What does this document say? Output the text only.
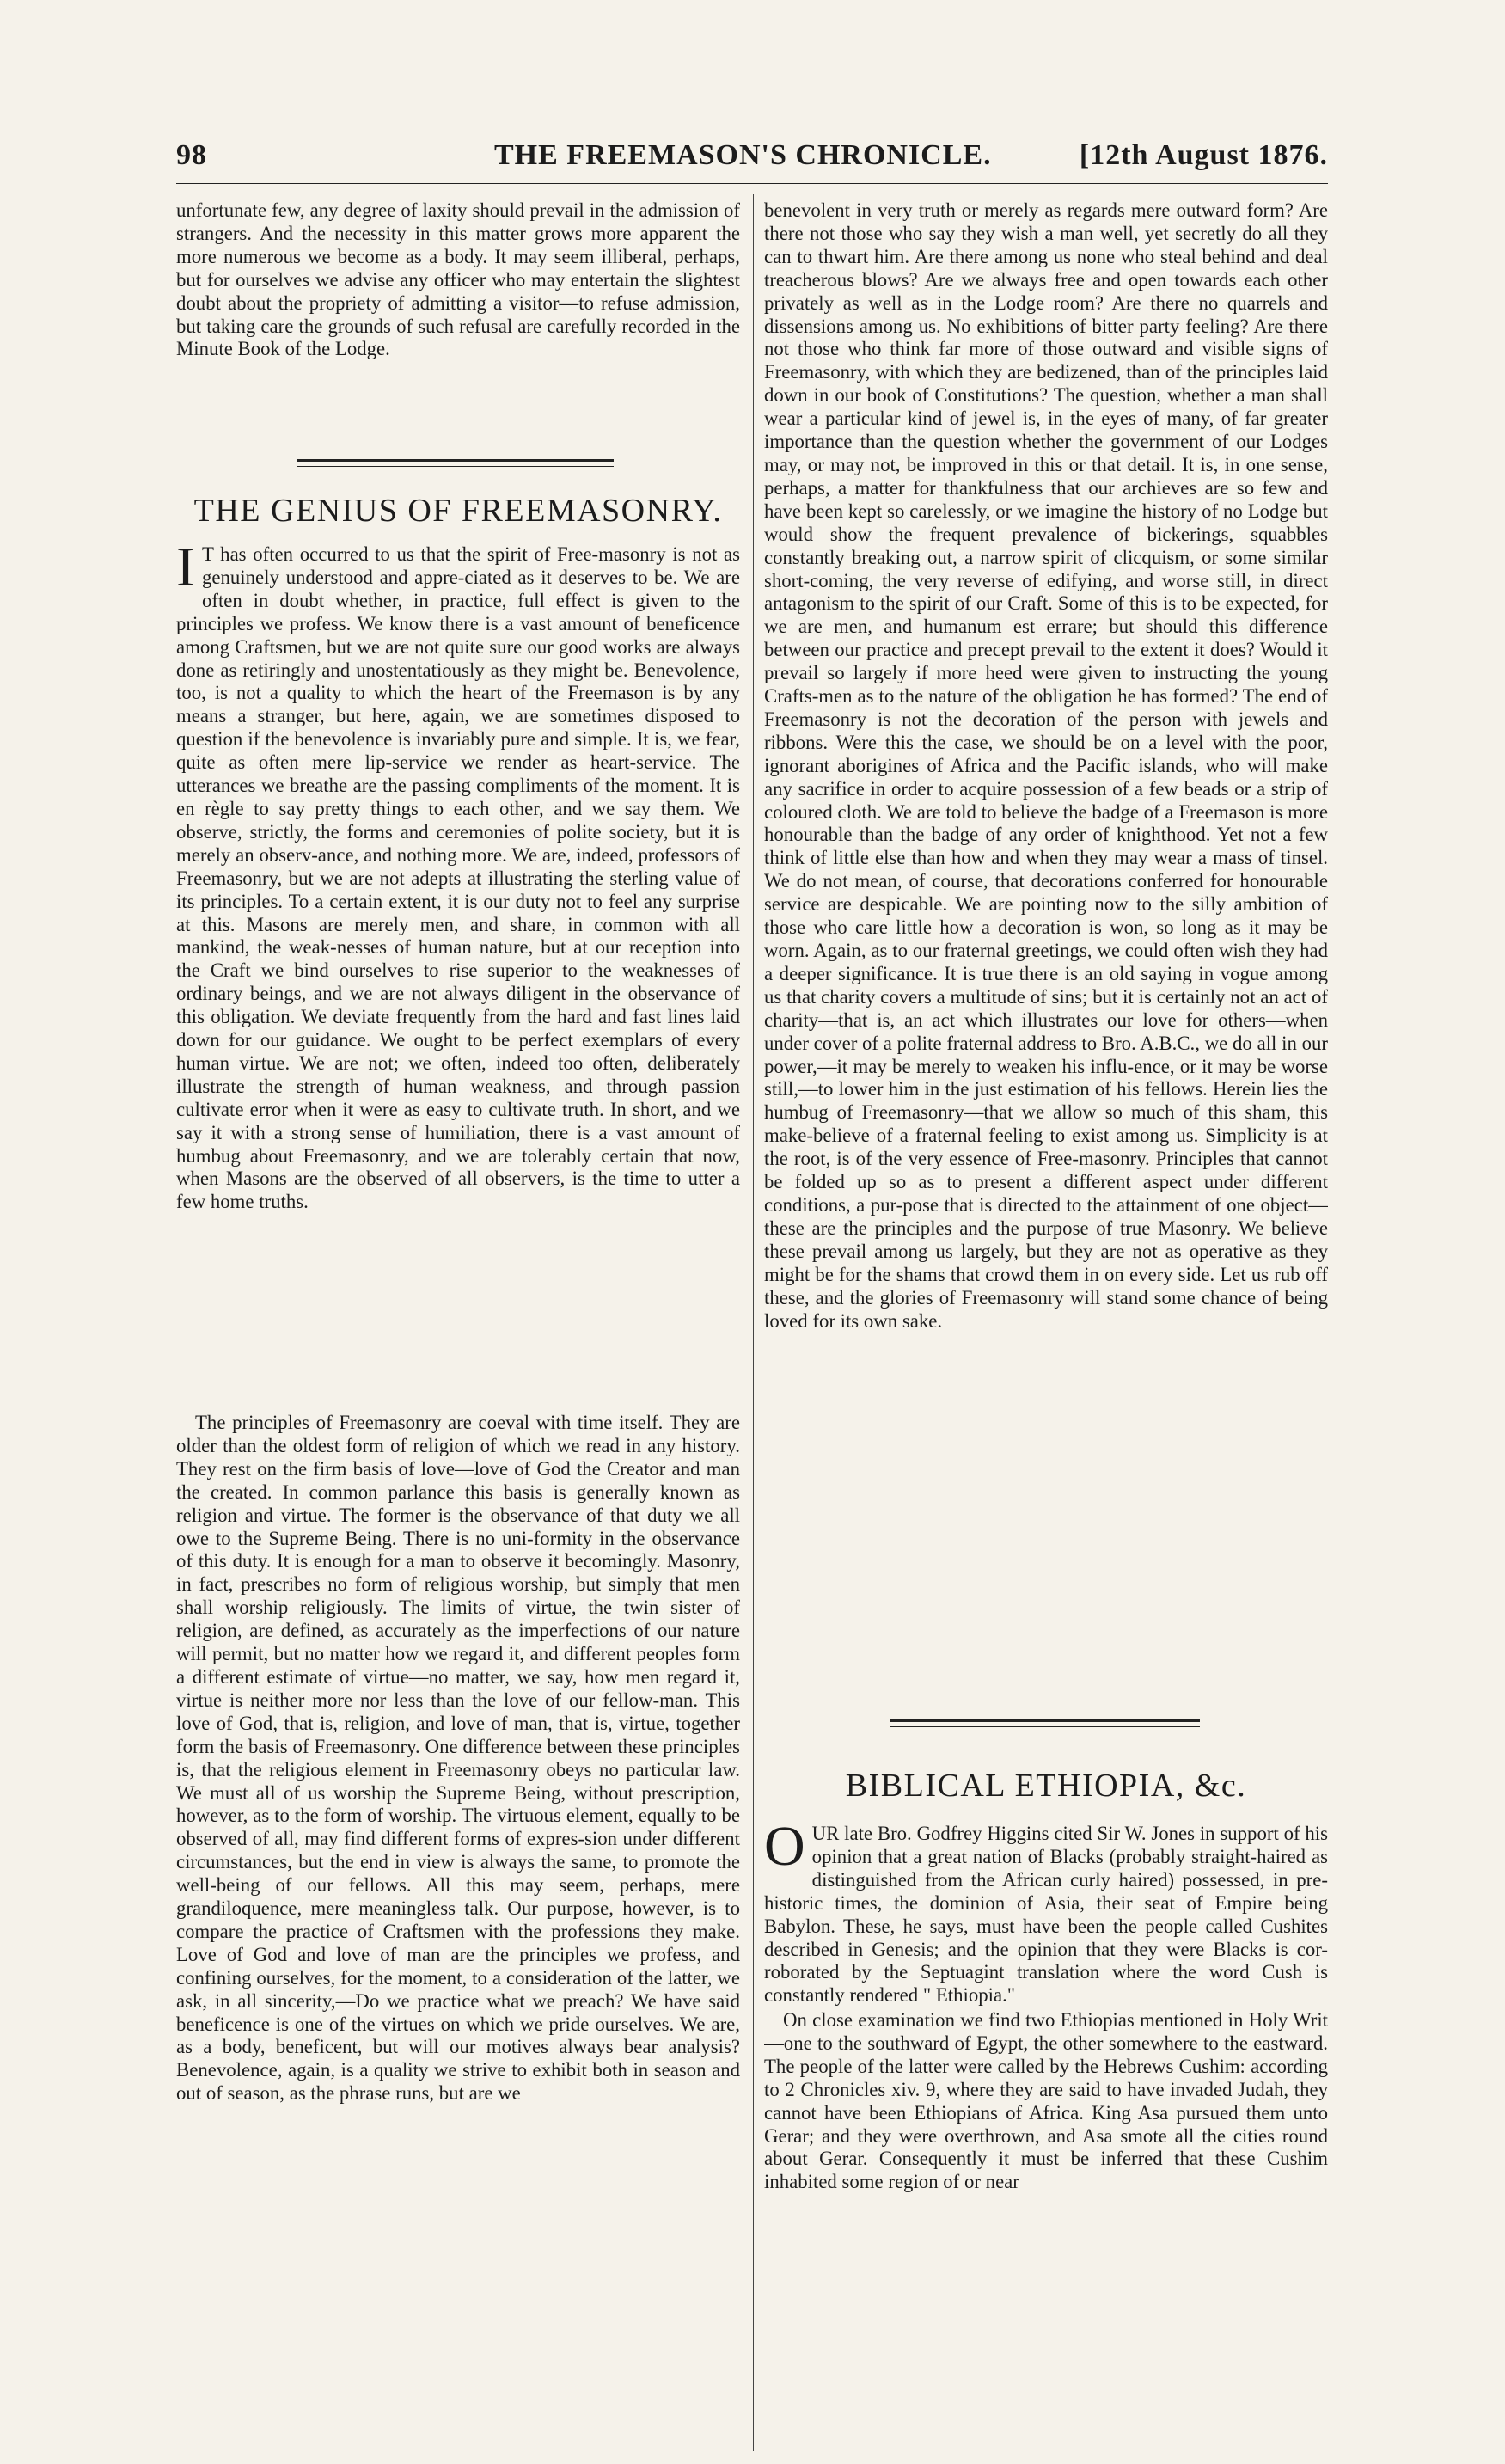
98	THE FREEMASON'S CHRONICLE.	[12th August 1876.

unfortunate few, any degree of laxity should prevail in the admission of strangers. And the necessity in this matter grows more apparent the more numerous we become as a body. It may seem illiberal, perhaps, but for ourselves we advise any officer who may entertain the slightest doubt about the propriety of admitting a visitor—to refuse admission, but taking care the grounds of such refusal are carefully recorded in the Minute Book of the Lodge.

THE GENIUS OF FREEMASONRY.

I T has often occurred to us that the spirit of Free-masonry is not as genuinely understood and appre-ciated as it deserves to be. We are often in doubt whether, in practice, full effect is given to the principles we profess. We know there is a vast amount of beneficence among Craftsmen, but we are not quite sure our good works are always done as retiringly and unostentatiously as they might be. Benevolence, too, is not a quality to which the heart of the Freemason is by any means a stranger, but here, again, we are sometimes disposed to question if the benevolence is invariably pure and simple. It is, we fear, quite as often mere lip-service we render as heart-service. The utterances we breathe are the passing compliments of the moment. It is en règle to say pretty things to each other, and we say them. We observe, strictly, the forms and ceremonies of polite society, but it is merely an observ-ance, and nothing more. We are, indeed, professors of Freemasonry, but we are not adepts at illustrating the sterling value of its principles. To a certain extent, it is our duty not to feel any surprise at this. Masons are merely men, and share, in common with all mankind, the weak-nesses of human nature, but at our reception into the Craft we bind ourselves to rise superior to the weaknesses of ordinary beings, and we are not always diligent in the observance of this obligation. We deviate frequently from the hard and fast lines laid down for our guidance. We ought to be perfect exemplars of every human virtue. We are not; we often, indeed too often, deliberately illustrate the strength of human weakness, and through passion cultivate error when it were as easy to cultivate truth. In short, and we say it with a strong sense of humiliation, there is a vast amount of humbug about Freemasonry, and we are tolerably certain that now, when Masons are the observed of all observers, is the time to utter a few home truths.

The principles of Freemasonry are coeval with time itself. They are older than the oldest form of religion of which we read in any history. They rest on the firm basis of love—love of God the Creator and man the created. In common parlance this basis is generally known as religion and virtue. The former is the observance of that duty we all owe to the Supreme Being. There is no uni-formity in the observance of this duty. It is enough for a man to observe it becomingly. Masonry, in fact, prescribes no form of religious worship, but simply that men shall worship religiously. The limits of virtue, the twin sister of religion, are defined, as accurately as the imperfections of our nature will permit, but no matter how we regard it, and different peoples form a different estimate of virtue—no matter, we say, how men regard it, virtue is neither more nor less than the love of our fellow-man. This love of God, that is, religion, and love of man, that is, virtue, together form the basis of Freemasonry. One difference between these principles is, that the religious element in Freemasonry obeys no particular law. We must all of us worship the Supreme Being, without prescription, however, as to the form of worship. The virtuous element, equally to be observed of all, may find different forms of expres-sion under different circumstances, but the end in view is always the same, to promote the well-being of our fellows. All this may seem, perhaps, mere grandiloquence, mere meaningless talk. Our purpose, however, is to compare the practice of Craftsmen with the professions they make. Love of God and love of man are the principles we profess, and confining ourselves, for the moment, to a consideration of the latter, we ask, in all sincerity,—Do we practice what we preach? We have said beneficence is one of the virtues on which we pride ourselves. We are, as a body, beneficent, but will our motives always bear analysis? Benevolence, again, is a quality we strive to exhibit both in season and out of season, as the phrase runs, but are we

benevolent in very truth or merely as regards mere outward form? Are there not those who say they wish a man well, yet secretly do all they can to thwart him. Are there among us none who steal behind and deal treacherous blows? Are we always free and open towards each other privately as well as in the Lodge room? Are there no quarrels and dissensions among us. No exhibitions of bitter party feeling? Are there not those who think far more of those outward and visible signs of Freemasonry, with which they are bedizened, than of the principles laid down in our book of Constitutions? The question, whether a man shall wear a particular kind of jewel is, in the eyes of many, of far greater importance than the question whether the government of our Lodges may, or may not, be improved in this or that detail. It is, in one sense, perhaps, a matter for thankfulness that our archieves are so few and have been kept so carelessly, or we imagine the history of no Lodge but would show the frequent prevalence of bickerings, squabbles constantly breaking out, a narrow spirit of clicquism, or some similar short-coming, the very reverse of edifying, and worse still, in direct antagonism to the spirit of our Craft. Some of this is to be expected, for we are men, and humanum est errare; but should this difference between our practice and precept prevail to the extent it does? Would it prevail so largely if more heed were given to instructing the young Crafts-men as to the nature of the obligation he has formed? The end of Freemasonry is not the decoration of the person with jewels and ribbons. Were this the case, we should be on a level with the poor, ignorant aborigines of Africa and the Pacific islands, who will make any sacrifice in order to acquire possession of a few beads or a strip of coloured cloth. We are told to believe the badge of a Freemason is more honourable than the badge of any order of knighthood. Yet not a few think of little else than how and when they may wear a mass of tinsel. We do not mean, of course, that decorations conferred for honourable service are despicable. We are pointing now to the silly ambition of those who care little how a decoration is won, so long as it may be worn. Again, as to our fraternal greetings, we could often wish they had a deeper significance. It is true there is an old saying in vogue among us that charity covers a multitude of sins; but it is certainly not an act of charity—that is, an act which illustrates our love for others—when under cover of a polite fraternal address to Bro. A.B.C., we do all in our power,—it may be merely to weaken his influ-ence, or it may be worse still,—to lower him in the just estimation of his fellows. Herein lies the humbug of Freemasonry—that we allow so much of this sham, this make-believe of a fraternal feeling to exist among us. Simplicity is at the root, is of the very essence of Free-masonry. Principles that cannot be folded up so as to present a different aspect under different conditions, a pur-pose that is directed to the attainment of one object—these are the principles and the purpose of true Masonry. We believe these prevail among us largely, but they are not as operative as they might be for the shams that crowd them in on every side. Let us rub off these, and the glories of Freemasonry will stand some chance of being loved for its own sake.

BIBLICAL ETHIOPIA, &c.

OUR late Bro. Godfrey Higgins cited Sir W. Jones in support of his opinion that a great nation of Blacks (probably straight-haired as distinguished from the African curly haired) possessed, in pre-historic times, the dominion of Asia, their seat of Empire being Babylon. These, he says, must have been the people called Cushites described in Genesis; and the opinion that they were Blacks is cor-roborated by the Septuagint translation where the word Cush is constantly rendered " Ethiopia."

On close examination we find two Ethiopias mentioned in Holy Writ—one to the southward of Egypt, the other somewhere to the eastward. The people of the latter were called by the Hebrews Cushim: according to 2 Chronicles xiv. 9, where they are said to have invaded Judah, they cannot have been Ethiopians of Africa. King Asa pursued them unto Gerar; and they were overthrown, and Asa smote all the cities round about Gerar. Consequently it must be inferred that these Cushim inhabited some region of or near
